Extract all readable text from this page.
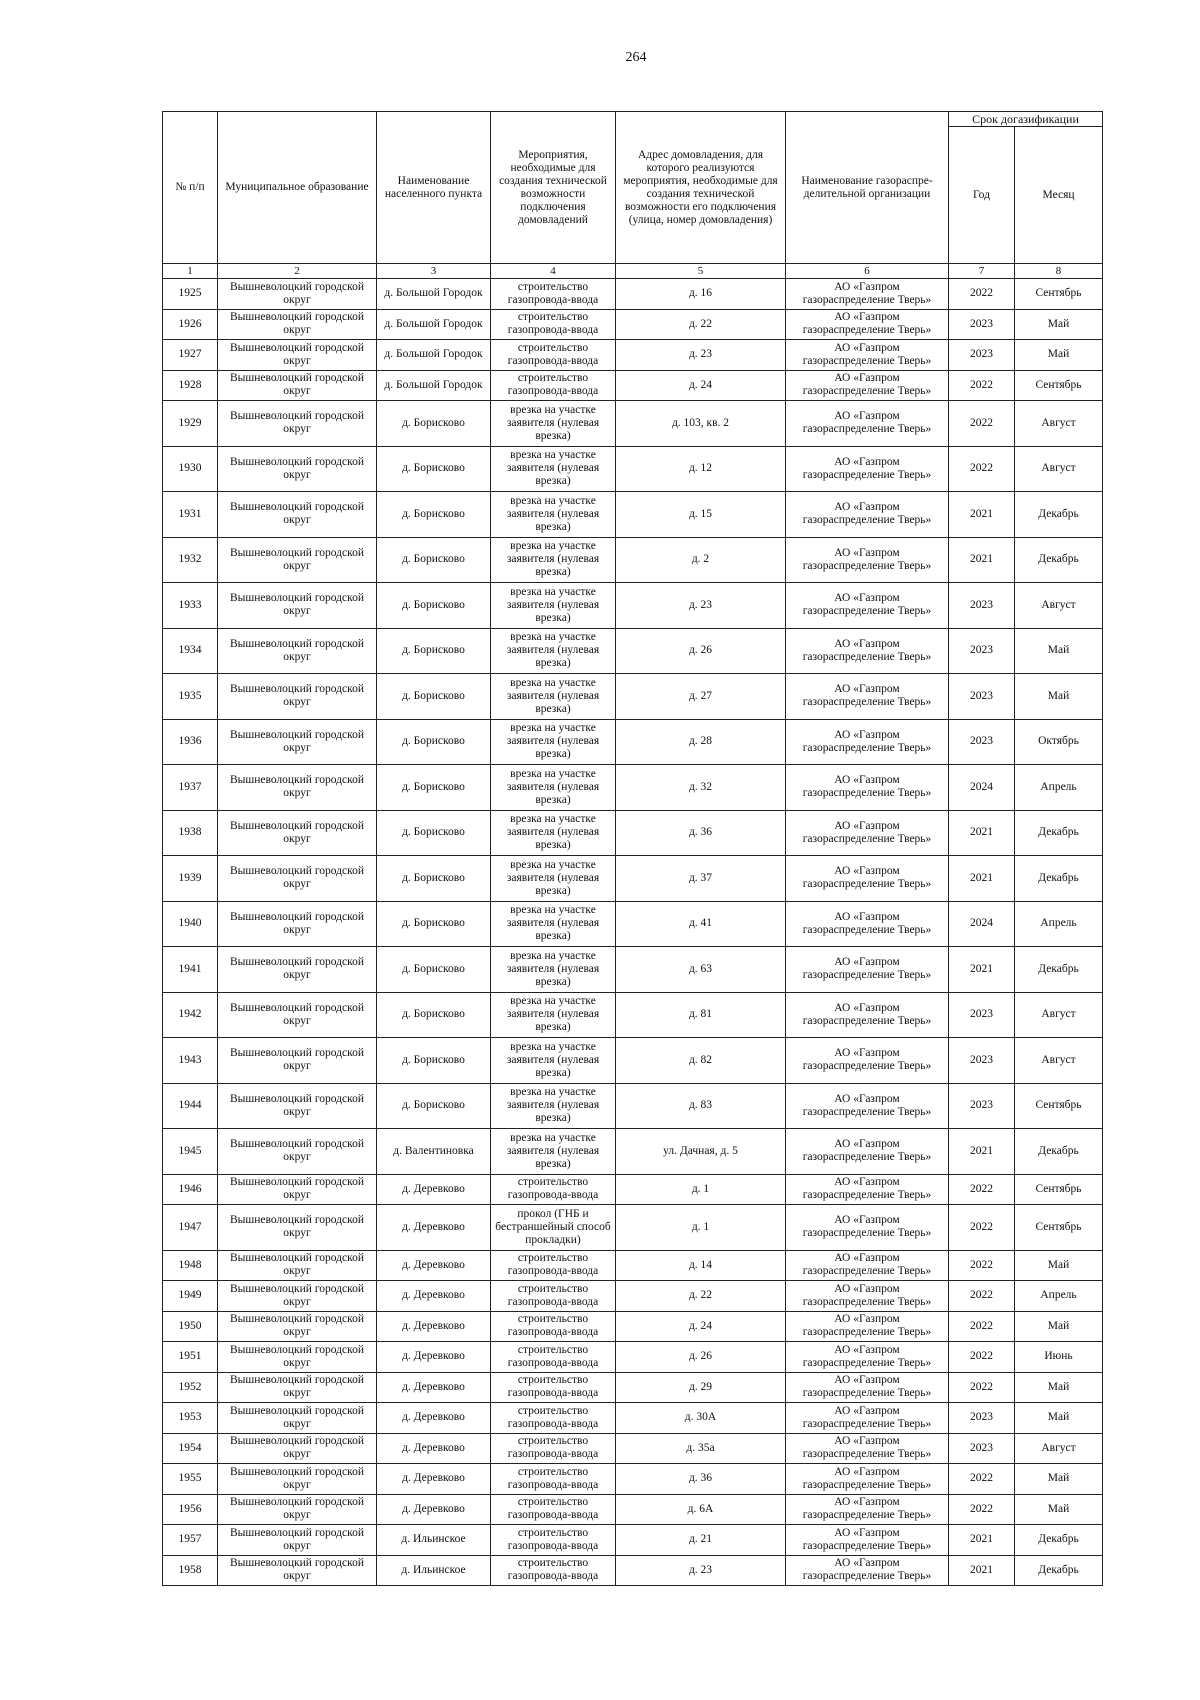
264
№ п/п	Муниципальное образование	Наименование населенного пункта	Мероприятия, необходимые для создания технической возможности подключения домовладений	Адрес домовладения, для которого реализуются мероприятия, необходимые для создания технической возможности его подключения (улица, номер домовладения)	Наименование газораспре-делительной организации	Срок догазификации	
						Год	Месяц
1	2	3	4	5	6	7	8
1925	Вышневолоцкий городской округ	д. Большой Городок	строительство газопровода-ввода	д. 16	АО «Газпром газораспределение Тверь»	2022	Сентябрь
1926	Вышневолоцкий городской округ	д. Большой Городок	строительство газопровода-ввода	д. 22	АО «Газпром газораспределение Тверь»	2023	Май
1927	Вышневолоцкий городской округ	д. Большой Городок	строительство газопровода-ввода	д. 23	АО «Газпром газораспределение Тверь»	2023	Май
1928	Вышневолоцкий городской округ	д. Большой Городок	строительство газопровода-ввода	д. 24	АО «Газпром газораспределение Тверь»	2022	Сентябрь
1929	Вышневолоцкий городской округ	д. Борисково	врезка на участке заявителя (нулевая врезка)	д. 103, кв. 2	АО «Газпром газораспределение Тверь»	2022	Август
1930	Вышневолоцкий городской округ	д. Борисково	врезка на участке заявителя (нулевая врезка)	д. 12	АО «Газпром газораспределение Тверь»	2022	Август
1931	Вышневолоцкий городской округ	д. Борисково	врезка на участке заявителя (нулевая врезка)	д. 15	АО «Газпром газораспределение Тверь»	2021	Декабрь
1932	Вышневолоцкий городской округ	д. Борисково	врезка на участке заявителя (нулевая врезка)	д. 2	АО «Газпром газораспределение Тверь»	2021	Декабрь
1933	Вышневолоцкий городской округ	д. Борисково	врезка на участке заявителя (нулевая врезка)	д. 23	АО «Газпром газораспределение Тверь»	2023	Август
1934	Вышневолоцкий городской округ	д. Борисково	врезка на участке заявителя (нулевая врезка)	д. 26	АО «Газпром газораспределение Тверь»	2023	Май
1935	Вышневолоцкий городской округ	д. Борисково	врезка на участке заявителя (нулевая врезка)	д. 27	АО «Газпром газораспределение Тверь»	2023	Май
1936	Вышневолоцкий городской округ	д. Борисково	врезка на участке заявителя (нулевая врезка)	д. 28	АО «Газпром газораспределение Тверь»	2023	Октябрь
1937	Вышневолоцкий городской округ	д. Борисково	врезка на участке заявителя (нулевая врезка)	д. 32	АО «Газпром газораспределение Тверь»	2024	Апрель
1938	Вышневолоцкий городской округ	д. Борисково	врезка на участке заявителя (нулевая врезка)	д. 36	АО «Газпром газораспределение Тверь»	2021	Декабрь
1939	Вышневолоцкий городской округ	д. Борисково	врезка на участке заявителя (нулевая врезка)	д. 37	АО «Газпром газораспределение Тверь»	2021	Декабрь
1940	Вышневолоцкий городской округ	д. Борисково	врезка на участке заявителя (нулевая врезка)	д. 41	АО «Газпром газораспределение Тверь»	2024	Апрель
1941	Вышневолоцкий городской округ	д. Борисково	врезка на участке заявителя (нулевая врезка)	д. 63	АО «Газпром газораспределение Тверь»	2021	Декабрь
1942	Вышневолоцкий городской округ	д. Борисково	врезка на участке заявителя (нулевая врезка)	д. 81	АО «Газпром газораспределение Тверь»	2023	Август
1943	Вышневолоцкий городской округ	д. Борисково	врезка на участке заявителя (нулевая врезка)	д. 82	АО «Газпром газораспределение Тверь»	2023	Август
1944	Вышневолоцкий городской округ	д. Борисково	врезка на участке заявителя (нулевая врезка)	д. 83	АО «Газпром газораспределение Тверь»	2023	Сентябрь
1945	Вышневолоцкий городской округ	д. Валентиновка	врезка на участке заявителя (нулевая врезка)	ул. Дачная, д. 5	АО «Газпром газораспределение Тверь»	2021	Декабрь
1946	Вышневолоцкий городской округ	д. Деревково	строительство газопровода-ввода	д. 1	АО «Газпром газораспределение Тверь»	2022	Сентябрь
1947	Вышневолоцкий городской округ	д. Деревково	прокол (ГНБ и бестраншейный способ прокладки)	д. 1	АО «Газпром газораспределение Тверь»	2022	Сентябрь
1948	Вышневолоцкий городской округ	д. Деревково	строительство газопровода-ввода	д. 14	АО «Газпром газораспределение Тверь»	2022	Май
1949	Вышневолоцкий городской округ	д. Деревково	строительство газопровода-ввода	д. 22	АО «Газпром газораспределение Тверь»	2022	Апрель
1950	Вышневолоцкий городской округ	д. Деревково	строительство газопровода-ввода	д. 24	АО «Газпром газораспределение Тверь»	2022	Май
1951	Вышневолоцкий городской округ	д. Деревково	строительство газопровода-ввода	д. 26	АО «Газпром газораспределение Тверь»	2022	Июнь
1952	Вышневолоцкий городской округ	д. Деревково	строительство газопровода-ввода	д. 29	АО «Газпром газораспределение Тверь»	2022	Май
1953	Вышневолоцкий городской округ	д. Деревково	строительство газопровода-ввода	д. 30А	АО «Газпром газораспределение Тверь»	2023	Май
1954	Вышневолоцкий городской округ	д. Деревково	строительство газопровода-ввода	д. 35а	АО «Газпром газораспределение Тверь»	2023	Август
1955	Вышневолоцкий городской округ	д. Деревково	строительство газопровода-ввода	д. 36	АО «Газпром газораспределение Тверь»	2022	Май
1956	Вышневолоцкий городской округ	д. Деревково	строительство газопровода-ввода	д. 6А	АО «Газпром газораспределение Тверь»	2022	Май
1957	Вышневолоцкий городской округ	д. Ильинское	строительство газопровода-ввода	д. 21	АО «Газпром газораспределение Тверь»	2021	Декабрь
1958	Вышневолоцкий городской округ	д. Ильинское	строительство газопровода-ввода	д. 23	АО «Газпром газораспределение Тверь»	2021	Декабрь
